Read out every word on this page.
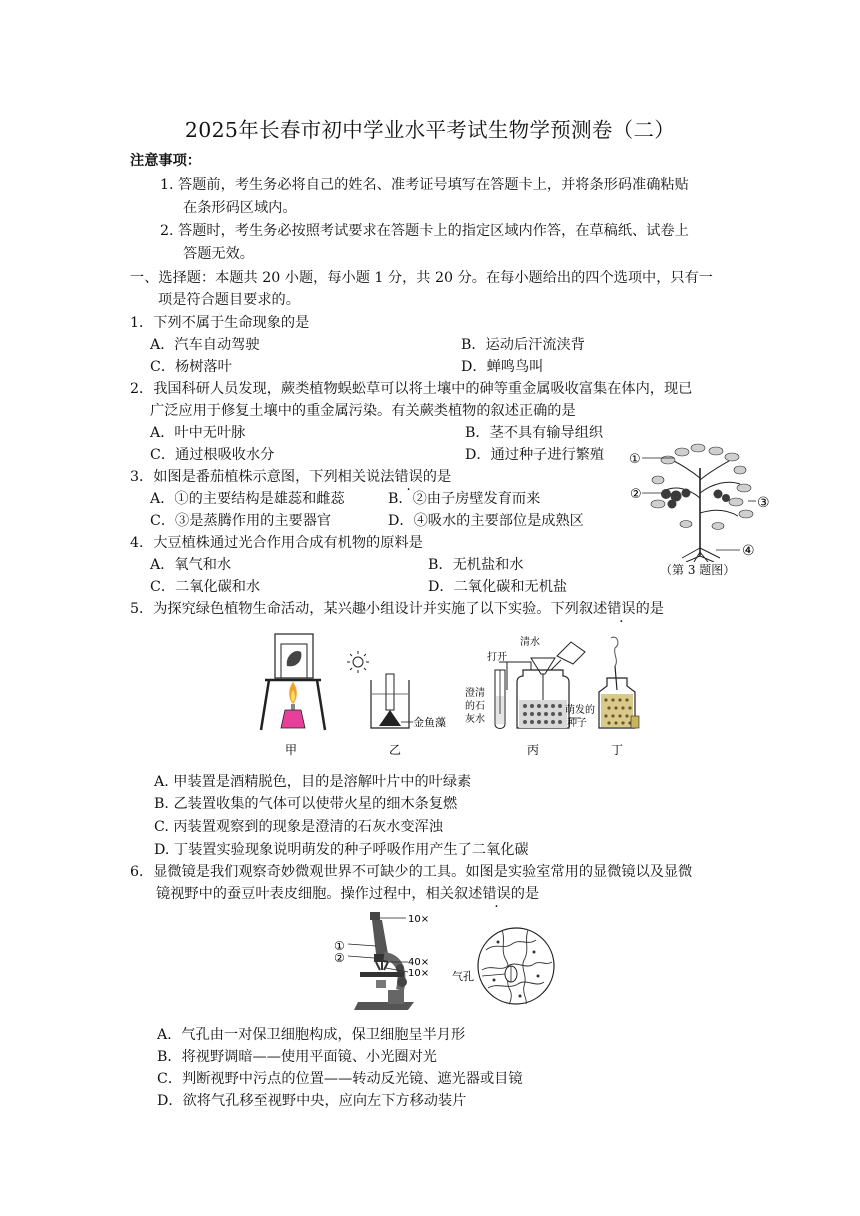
2025年长春市初中学业水平考试生物学预测卷（二）
注意事项：
1. 答题前，考生务必将自己的姓名、准考证号填写在答题卡上，并将条形码准确粘贴
在条形码区域内。
2. 答题时，考生务必按照考试要求在答题卡上的指定区域内作答，在草稿纸、试卷上
答题无效。
一、选择题：本题共 20 小题，每小题 1 分，共 20 分。在每小题给出的四个选项中，只有一
项是符合题目要求的。
1．下列不属于生命现象的是
A．汽车自动驾驶	B．运动后汗流浃背
C．杨树落叶	D．蝉鸣鸟叫
2．我国科研人员发现，蕨类植物蜈蚣草可以将土壤中的砷等重金属吸收富集在体内，现已
广泛应用于修复土壤中的重金属污染。有关蕨类植物的叙述正确的是
A．叶中无叶脉	B．茎不具有输导组织
C．通过根吸收水分	D．通过种子进行繁殖
3．如图是番茄植株示意图，下列相关说法错误的是
A．①的主要结构是雄蕊和雌蕊	B．②由子房壁发育而来
C．③是蒸腾作用的主要器官	D．④吸水的主要部位是成熟区
①
②
③
④
（第 3 题图）
4．大豆植株通过光合作用合成有机物的原料是
A．氧气和水	B．无机盐和水
C．二氧化碳和水	D．二氧化碳和无机盐
5．为探究绿色植物生命活动，某兴趣小组设计并实施了以下实验。下列叙述错误的是
甲
金鱼藻
乙
清水
打开
澄清
的石
灰水
萌发的
种子
丙	丁
A. 甲装置是酒精脱色，目的是溶解叶片中的叶绿素
B. 乙装置收集的气体可以使带火星的细木条复燃
C. 丙装置观察到的现象是澄清的石灰水变浑浊
D. 丁装置实验现象说明萌发的种子呼吸作用产生了二氧化碳
6．显微镜是我们观察奇妙微观世界不可缺少的工具。如图是实验室常用的显微镜以及显微
镜视野中的蚕豆叶表皮细胞。操作过程中，相关叙述错误的是
①
②
10×
40×
10× 气孔
A．气孔由一对保卫细胞构成，保卫细胞呈半月形
B．将视野调暗——使用平面镜、小光圈对光
C．判断视野中污点的位置——转动反光镜、遮光器或目镜
D．欲将气孔移至视野中央，应向左下方移动装片
